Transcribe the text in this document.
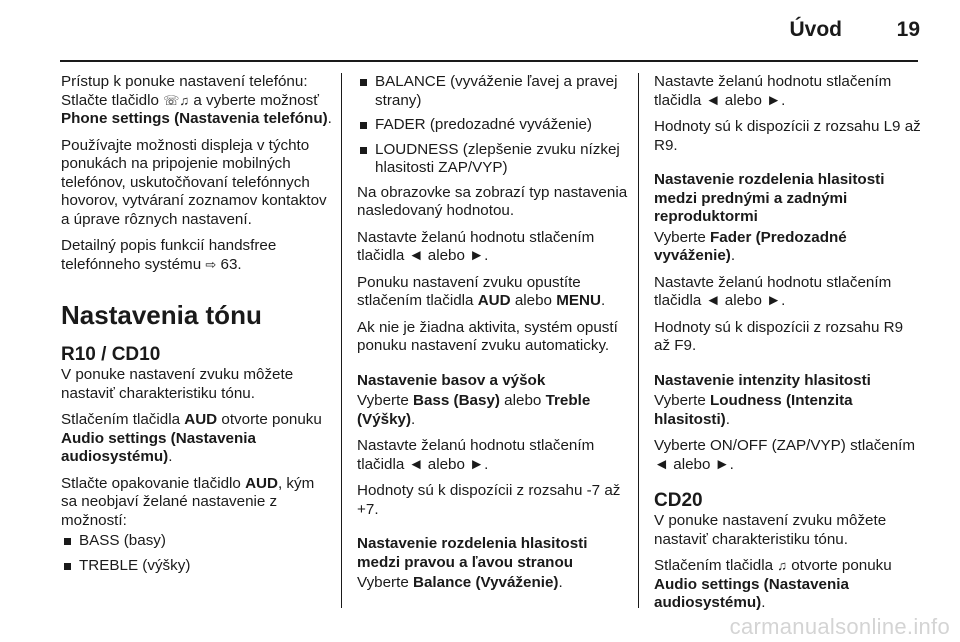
Úvod	19

Prístup k ponuke nastavení telefónu: Stlačte tlačidlo ☏♫ a vyberte možnosť Phone settings (Nastavenia telefónu).

Používajte možnosti displeja v týchto ponukách na pripojenie mobilných telefónov, uskutočňovaní telefónnych hovorov, vytváraní zoznamov kontaktov a úprave rôznych nastavení.

Detailný popis funkcií handsfree telefónneho systému ⇨ 63.

Nastavenia tónu
R10 / CD10

V ponuke nastavení zvuku môžete nastaviť charakteristiku tónu.

Stlačením tlačidla AUD otvorte ponuku Audio settings (Nastavenia audiosystému).

Stlačte opakovanie tlačidlo AUD, kým sa neobjaví želané nastavenie z možností:

BASS (basy)
TREBLE (výšky)
BALANCE (vyváženie ľavej a pravej strany)
FADER (predozadné vyváženie)
LOUDNESS (zlepšenie zvuku nízkej hlasitosti ZAP/VYP)

Na obrazovke sa zobrazí typ nastavenia nasledovaný hodnotou.

Nastavte želanú hodnotu stlačením tlačidla ◄ alebo ►.

Ponuku nastavení zvuku opustíte stlačením tlačidla AUD alebo MENU.

Ak nie je žiadna aktivita, systém opustí ponuku nastavení zvuku automaticky.

Nastavenie basov a výšok

Vyberte Bass (Basy) alebo Treble (Výšky).

Nastavte želanú hodnotu stlačením tlačidla ◄ alebo ►.

Hodnoty sú k dispozícii z rozsahu -7 až +7.

Nastavenie rozdelenia hlasitosti medzi pravou a ľavou stranou

Vyberte Balance (Vyváženie).

Nastavte želanú hodnotu stlačením tlačidla ◄ alebo ►.

Hodnoty sú k dispozícii z rozsahu L9 až R9.

Nastavenie rozdelenia hlasitosti medzi prednými a zadnými reproduktormi

Vyberte Fader (Predozadné vyváženie).

Nastavte želanú hodnotu stlačením tlačidla ◄ alebo ►.

Hodnoty sú k dispozícii z rozsahu R9 až F9.

Nastavenie intenzity hlasitosti

Vyberte Loudness (Intenzita hlasitosti).

Vyberte ON/OFF (ZAP/VYP) stlačením ◄ alebo ►.

CD20

V ponuke nastavení zvuku môžete nastaviť charakteristiku tónu.

Stlačením tlačidla ♫ otvorte ponuku Audio settings (Nastavenia audiosystému).

carmanualsonline.info
